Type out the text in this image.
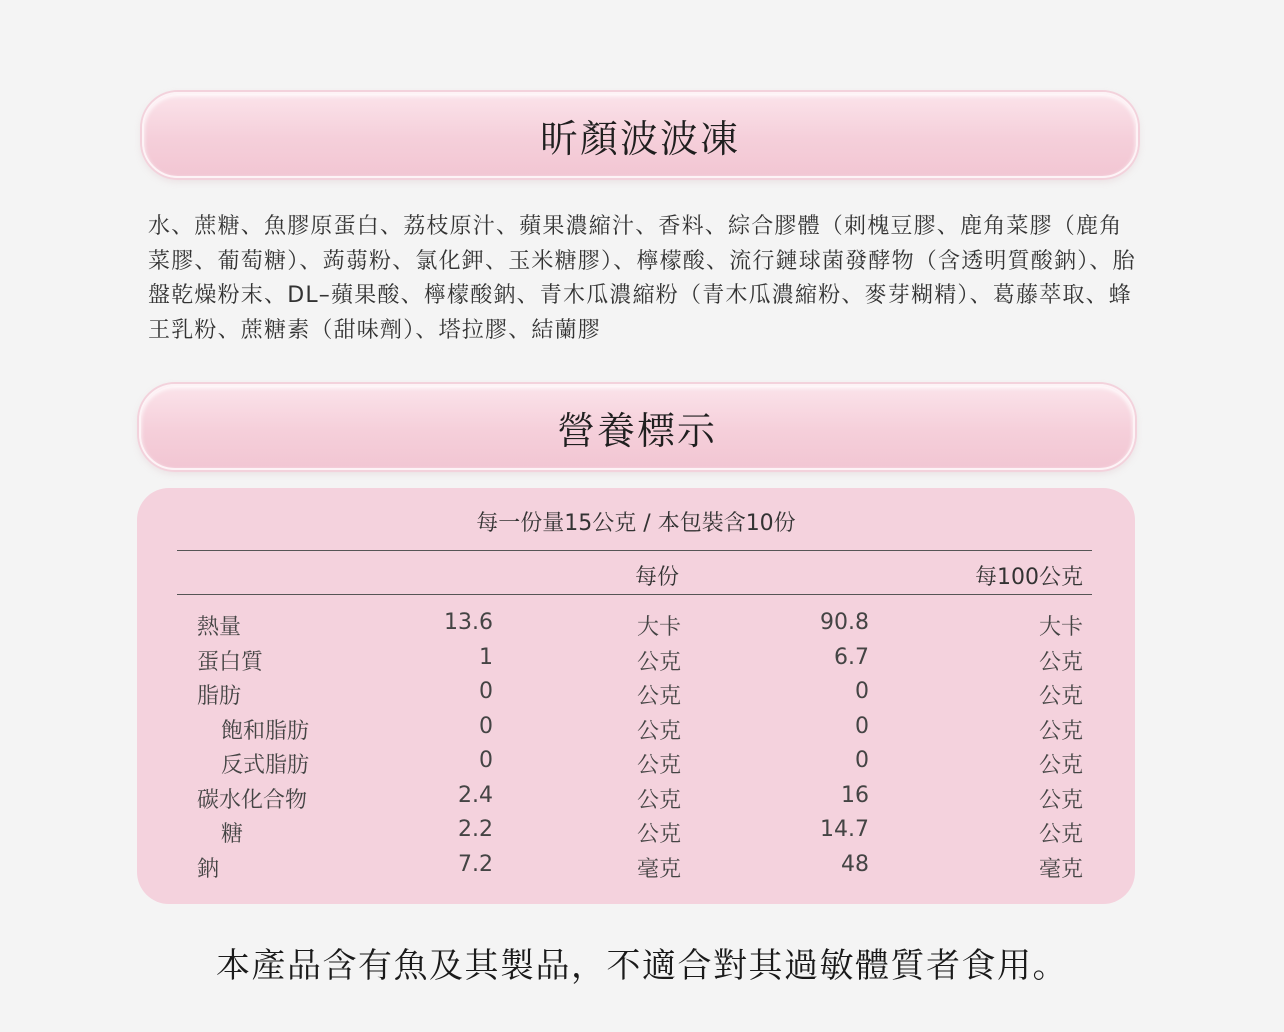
昕顏波波凍
水、蔗糖、魚膠原蛋白、荔枝原汁、蘋果濃縮汁、香料、綜合膠體（刺槐豆膠、鹿角菜膠（鹿角菜膠、葡萄糖）、蒟蒻粉、氯化鉀、玉米糖膠）、檸檬酸、流行鏈球菌發酵物（含透明質酸鈉）、胎盤乾燥粉末、DL–蘋果酸、檸檬酸鈉、青木瓜濃縮粉（青木瓜濃縮粉、麥芽糊精）、葛藤萃取、蜂王乳粉、蔗糖素（甜味劑）、塔拉膠、結蘭膠
營養標示
每一份量15公克 / 本包裝含10份
每份	每100公克
熱量	13.6	大卡	90.8	大卡
蛋白質	1	公克	6.7	公克
脂肪	0	公克	0	公克
飽和脂肪	0	公克	0	公克
反式脂肪	0	公克	0	公克
碳水化合物	2.4	公克	16	公克
糖	2.2	公克	14.7	公克
鈉	7.2	毫克	48	毫克
本產品含有魚及其製品，不適合對其過敏體質者食用。
